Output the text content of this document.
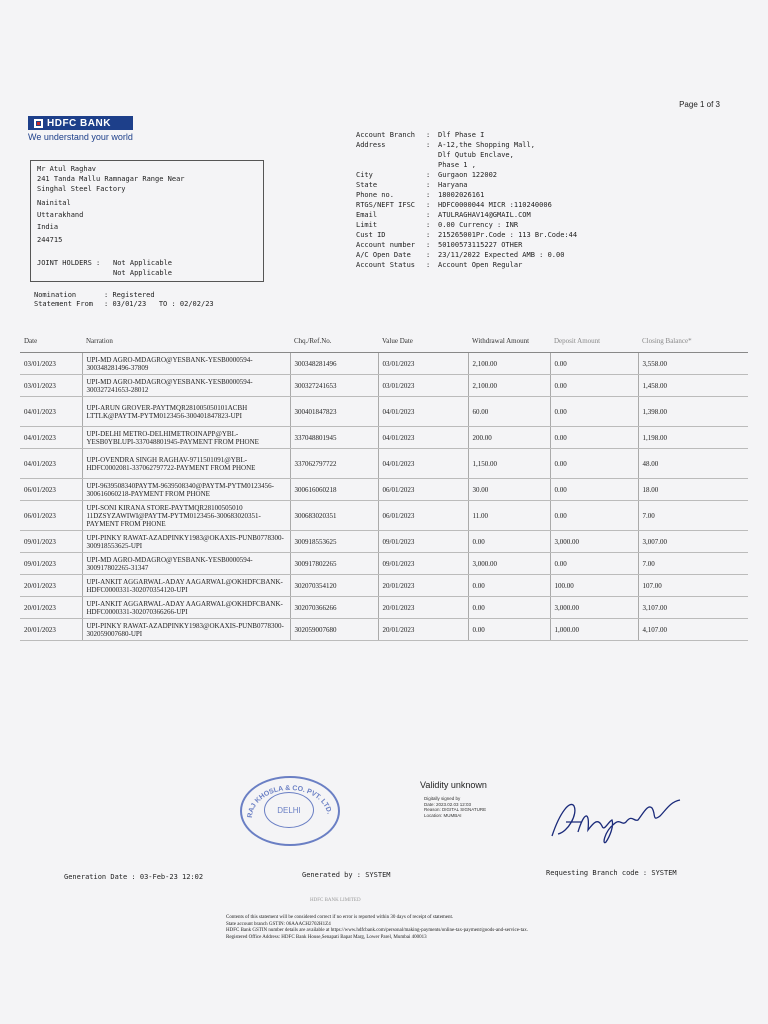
Page 1 of 3
HDFC BANK
We understand your world
Mr Atul Raghav
241 Tanda Mallu Ramnagar Range Near
Singhal Steel Factory
Nainital
Uttarakhand
India
244715
JOINT HOLDERS : Not Applicable
Not Applicable
Nomination	: Registered
Statement From : 03/01/23 TO : 02/02/23
Account Branch	:	Dlf Phase I
Address	:	A-12,the Shopping Mall,
Dlf Qutub Enclave,
Phase 1 ,
City	:	Gurgaon 122002
State	:	Haryana
Phone no.	:	18002026161
RTGS/NEFT IFSC	:	HDFC0000044 MICR :110240006
Email	:	ATULRAGHAV14@GMAIL.COM
Limit	:	0.00 Currency : INR
Cust ID	:	215265001Pr.Code : 113 Br.Code:44
Account number	:	50100573115227 OTHER
A/C Open Date	:	23/11/2022 Expected AMB : 0.00
Account Status	:	Account Open Regular
Date	Narration	Chq./Ref.No.	Value Date	Withdrawal Amount	Deposit Amount	Closing Balance*
03/01/2023	UPI-MD AGRO-MDAGRO@YESBANK-YESB0000594-300348281496-37809	300348281496	03/01/2023	2,100.00	0.00	3,558.00
03/01/2023	UPI-MD AGRO-MDAGRO@YESBANK-YESB0000594-300327241653-28012	300327241653	03/01/2023	2,100.00	0.00	1,458.00
04/01/2023	UPI-ARUN GROVER-PAYTMQR281005050101ACBH LTTLK@PAYTM-PYTM0123456-300401847823-UPI	300401847823	04/01/2023	60.00	0.00	1,398.00
04/01/2023	UPI-DELHI METRO-DELHIMETROINAPP@YBL-YESB0YBLUPI-337048801945-PAYMENT FROM PHONE	337048801945	04/01/2023	200.00	0.00	1,198.00
04/01/2023	UPI-OVENDRA SINGH RAGHAV-9711501091@YBL-HDFC0002081-337062797722-PAYMENT FROM PHONE	337062797722	04/01/2023	1,150.00	0.00	48.00
06/01/2023	UPI-9639508340PAYTM-9639508340@PAYTM-PYTM0123456-300616060218-PAYMENT FROM PHONE	300616060218	06/01/2023	30.00	0.00	18.00
06/01/2023	UPI-SONI KIRANA STORE-PAYTMQR28100505010 11DZSYZAWIWI@PAYTM-PYTM0123456-300683020351-PAYMENT FROM PHONE	300683020351	06/01/2023	11.00	0.00	7.00
09/01/2023	UPI-PINKY RAWAT-AZADPINKY1983@OKAXIS-PUNB0778300-300918553625-UPI	300918553625	09/01/2023	0.00	3,000.00	3,007.00
09/01/2023	UPI-MD AGRO-MDAGRO@YESBANK-YESB0000594-300917802265-31347	300917802265	09/01/2023	3,000.00	0.00	7.00
20/01/2023	UPI-ANKIT AGGARWAL-ADAY AAGARWAL@OKHDFCBANK-HDFC0000331-302070354120-UPI	302070354120	20/01/2023	0.00	100.00	107.00
20/01/2023	UPI-ANKIT AGGARWAL-ADAY AAGARWAL@OKHDFCBANK-HDFC0000331-302070366266-UPI	302070366266	20/01/2023	0.00	3,000.00	3,107.00
20/01/2023	UPI-PINKY RAWAT-AZADPINKY1983@OKAXIS-PUNB0778300-302059007680-UPI	302059007680	20/01/2023	0.00	1,000.00	4,107.00
RAJ KHOSLA & CO. PVT. LTD.
DELHI
Validity unknown
Digitally signed by
Date: 2023.02.03 12:03
Reason: DIGITAL SIGNATURE
Location: MUMBAI
Generation Date : 03-Feb-23 12:02	Generated by : SYSTEM	Requesting Branch code : SYSTEM
HDFC BANK LIMITED
Contents of this statement will be considered correct if no error is reported within 30 days of receipt of statement.
State account branch GSTIN: 06AAACH2702H1Z4
HDFC Bank GSTIN number details are available at https://www.hdfcbank.com/personal/making-payments/online-tax-payment/goods-and-service-tax.
Registered Office Address: HDFC Bank House,Senapati Bapat Marg, Lower Parel, Mumbai 400013
